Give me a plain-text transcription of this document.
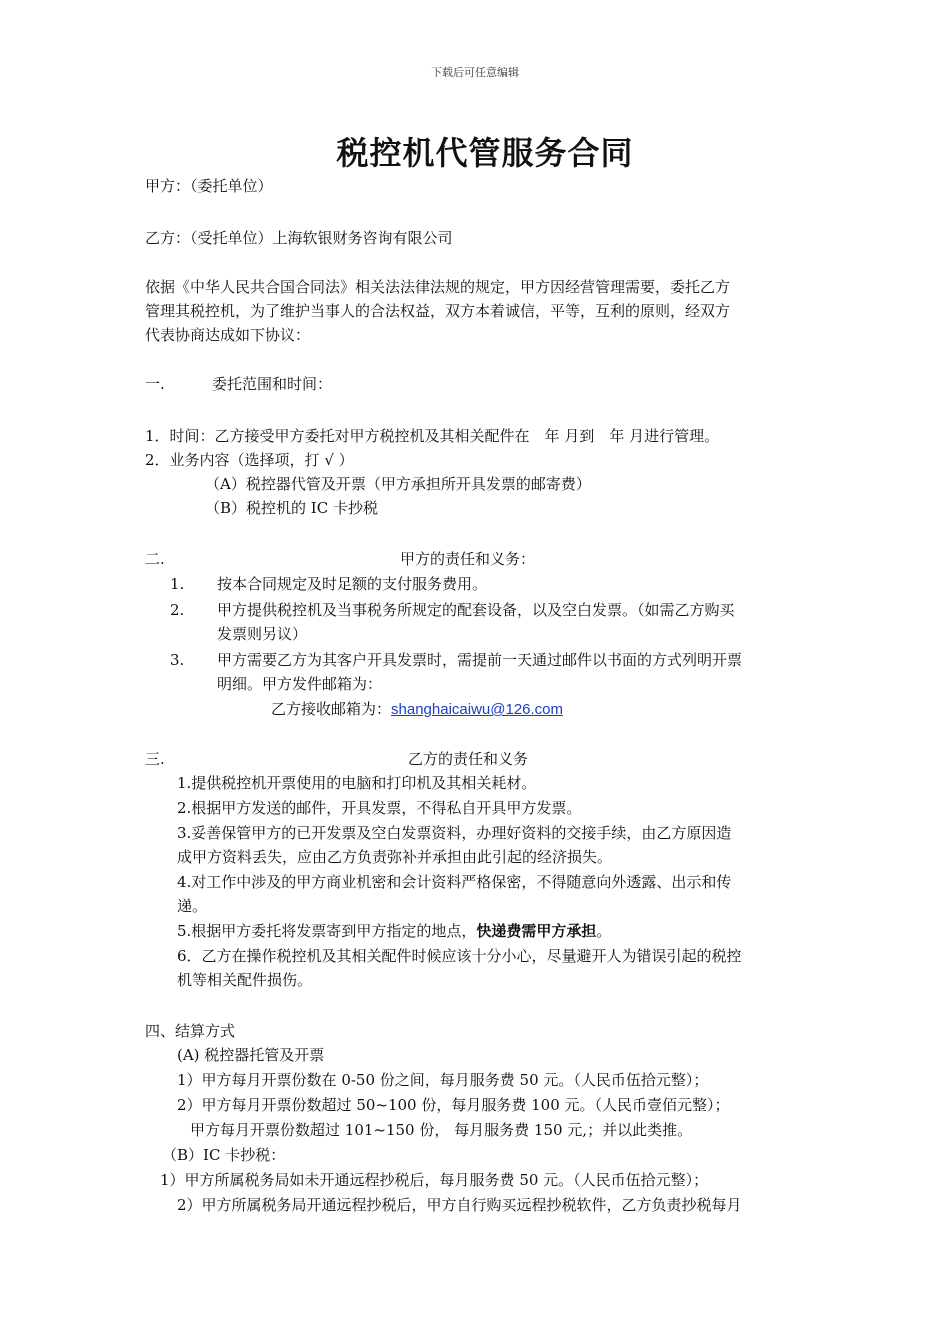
下载后可任意编辑
税控机代管服务合同
甲方：（委托单位）
乙方：（受托单位）上海软银财务咨询有限公司
依据《中华人民共合国合同法》相关法法律法规的规定，甲方因经营管理需要，委托乙方
管理其税控机，为了维护当事人的合法权益，双方本着诚信，平等，互利的原则，经双方
代表协商达成如下协议：
一.	委托范围和时间：
1．时间：乙方接受甲方委托对甲方税控机及其相关配件在　年 月到　年 月进行管理。
2．业务内容（选择项，打 √ ）
（A）税控器代管及开票（甲方承担所开具发票的邮寄费）
（B）税控机的 IC 卡抄税
二.	甲方的责任和义务：
1. 按本合同规定及时足额的支付服务费用。
2. 甲方提供税控机及当事税务所规定的配套设备，以及空白发票。（如需乙方购买
发票则另议）
3. 甲方需要乙方为其客户开具发票时，需提前一天通过邮件以书面的方式列明开票
明细。甲方发件邮箱为：
乙方接收邮箱为：shanghaicaiwu@126.com
三.	乙方的责任和义务
1.提供税控机开票使用的电脑和打印机及其相关耗材。
2.根据甲方发送的邮件，开具发票，不得私自开具甲方发票。
3.妥善保管甲方的已开发票及空白发票资料，办理好资料的交接手续，由乙方原因造
成甲方资料丢失，应由乙方负责弥补并承担由此引起的经济损失。
4.对工作中涉及的甲方商业机密和会计资料严格保密，不得随意向外透露、出示和传
递。
5.根据甲方委托将发票寄到甲方指定的地点，快递费需甲方承担。
6．乙方在操作税控机及其相关配件时候应该十分小心，尽量避开人为错误引起的税控
机等相关配件损伤。
四、结算方式
(A) 税控器托管及开票
1）甲方每月开票份数在 0-50 份之间，每月服务费 50 元。（人民币伍拾元整）；
2）甲方每月开票份数超过 50~100 份，每月服务费 100 元。（人民币壹佰元整）；
甲方每月开票份数超过 101~150 份， 每月服务费 150 元,；并以此类推。
（B）IC 卡抄税：
1）甲方所属税务局如未开通远程抄税后，每月服务费 50 元。（人民币伍拾元整）；
2）甲方所属税务局开通远程抄税后，甲方自行购买远程抄税软件，乙方负责抄税每月
